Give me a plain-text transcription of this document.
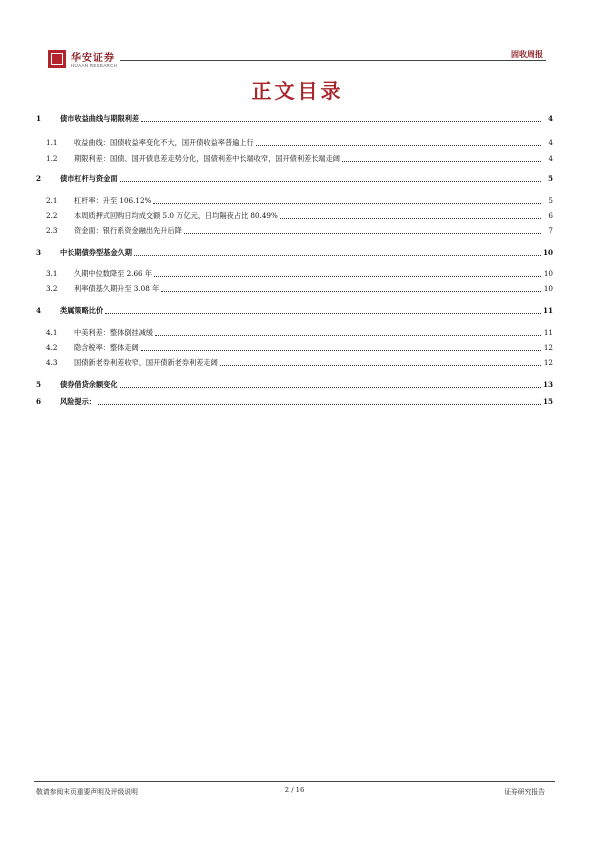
华安证券
HUAAN RESEARCH
固收周报
正文目录
1	债市收益曲线与期限利差	4
1.1	收益曲线：国债收益率变化不大，国开债收益率普遍上行	4
1.2	期限利差：国债、国开债息差走势分化，国债利差中长端收窄，国开债利差长端走阔	4
2	债市杠杆与资金面	5
2.1	杠杆率：升至 106.12%	5
2.2	本周质押式回购日均成交额 5.0 万亿元，日均隔夜占比 80.49%	6
2.3	资金面：银行系资金融出先升后降	7
3	中长期债券型基金久期	10
3.1	久期中位数降至 2.66 年	10
3.2	利率债基久期升至 3.08 年	10
4	类属策略比价	11
4.1	中美利差：整体倒挂减缓	11
4.2	隐含税率：整体走阔	12
4.3	国债新老券利差收窄，国开债新老券利差走阔	12
5	债券借贷余额变化	13
6	风险提示：	15
敬请参阅末页重要声明及评级说明	2 / 16	证券研究报告
